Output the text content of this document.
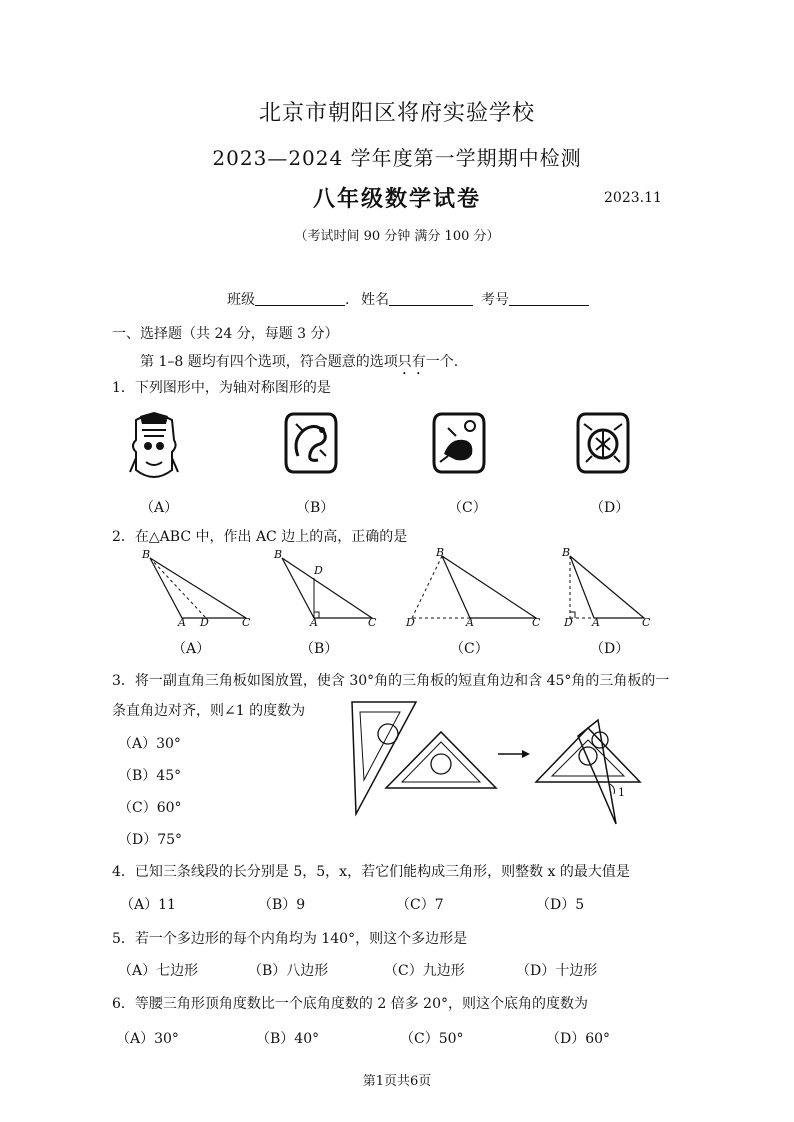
北京市朝阳区将府实验学校
2023—2024 学年度第一学期期中检测
八年级数学试卷	2023.11
（考试时间 90 分钟 满分 100 分）
班级	. 姓名	考号
一、选择题（共 24 分，每题 3 分）
第 1–8 题均有四个选项，符合题意的选项只有一个.
1．下列图形中，为轴对称图形的是
（A）	（B）	（C）	（D）
2．在△ABC 中，作出 AC 边上的高，正确的是
B
A D	C
B
D
A	C
B
D	A	C
B
D A	C
（A）	（B）	（C）	（D）
3．将一副直角三角板如图放置，使含 30°角的三角板的短直角边和含 45°角的三角板的一
条直角边对齐，则∠1 的度数为
（A）30°
（B）45°
（C）60°
（D）75°
1
4．已知三条线段的长分别是 5，5，x，若它们能构成三角形，则整数 x 的最大值是
（A）11	（B）9	（C）7	（D）5
5．若一个多边形的每个内角均为 140°，则这个多边形是
（A）七边形	（B）八边形	（C）九边形	（D）十边形
6．等腰三角形顶角度数比一个底角度数的 2 倍多 20°，则这个底角的度数为
（A）30°	（B）40°	（C）50°	（D）60°
第1页共6页
